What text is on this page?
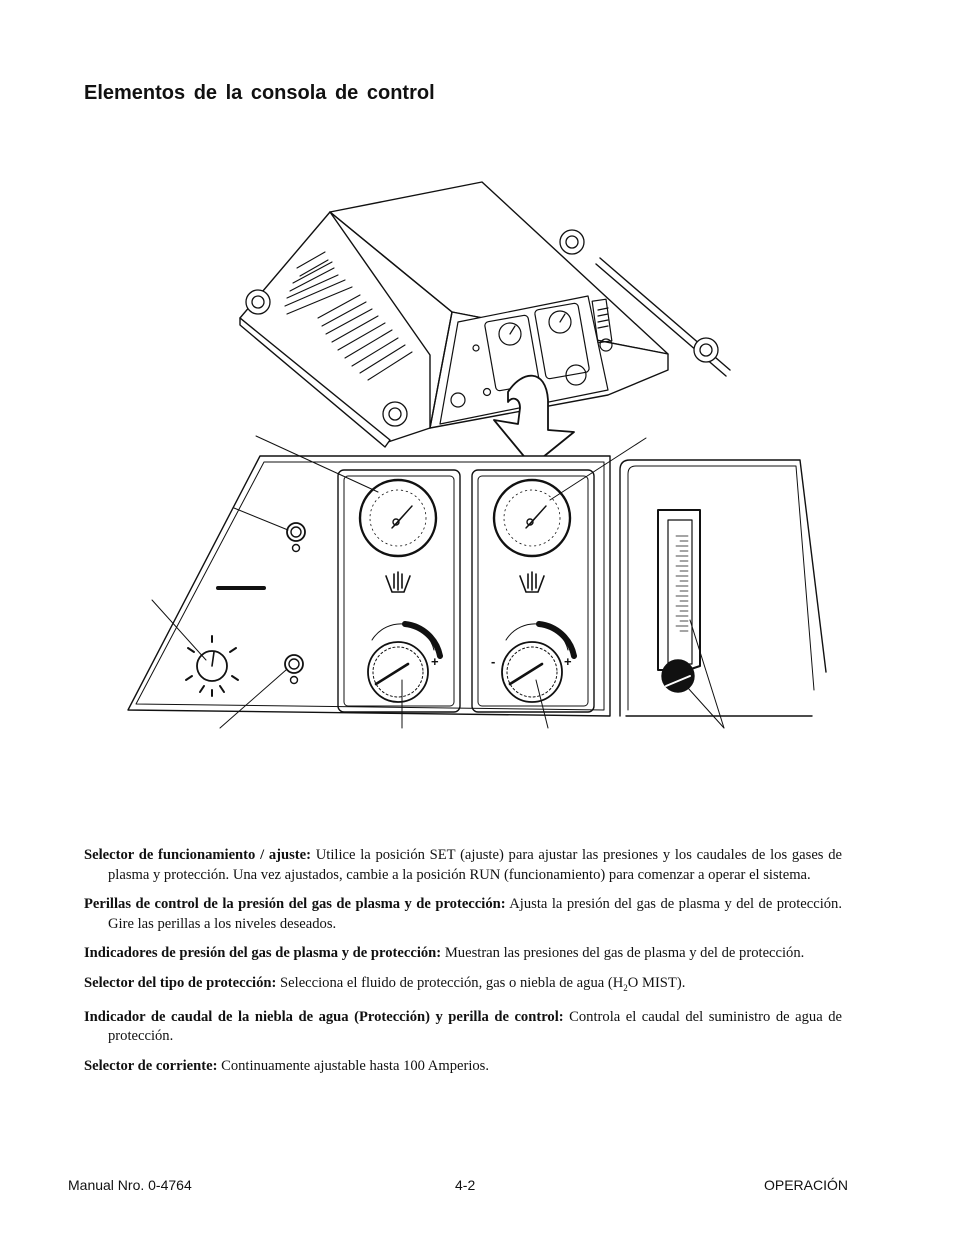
Elementos de la consola de control
+	+
-

Selector de funcionamiento / ajuste: Utilice la posición SET (ajuste) para ajustar las presiones y los caudales de los gases de plasma y protección. Una vez ajustados, cambie a la posición RUN (funcionamiento) para comenzar a operar el sistema.

Perillas de control de la presión del gas de plasma y de protección: Ajusta la presión del gas de plasma y del de protección. Gire las perillas a los niveles deseados.

Indicadores de presión del gas de plasma y de protección: Muestran las presiones del gas de plasma y del de protección.

Selector del tipo de protección: Selecciona el fluido de protección, gas o niebla de agua ($H_2O$ MIST).

Indicador de caudal de la niebla de agua (Protección) y perilla de control: Controla el caudal del suministro de agua de protección.

Selector de corriente: Continuamente ajustable hasta 100 Amperios.

Manual Nro. 0-4764	4-2	OPERACIÓN
